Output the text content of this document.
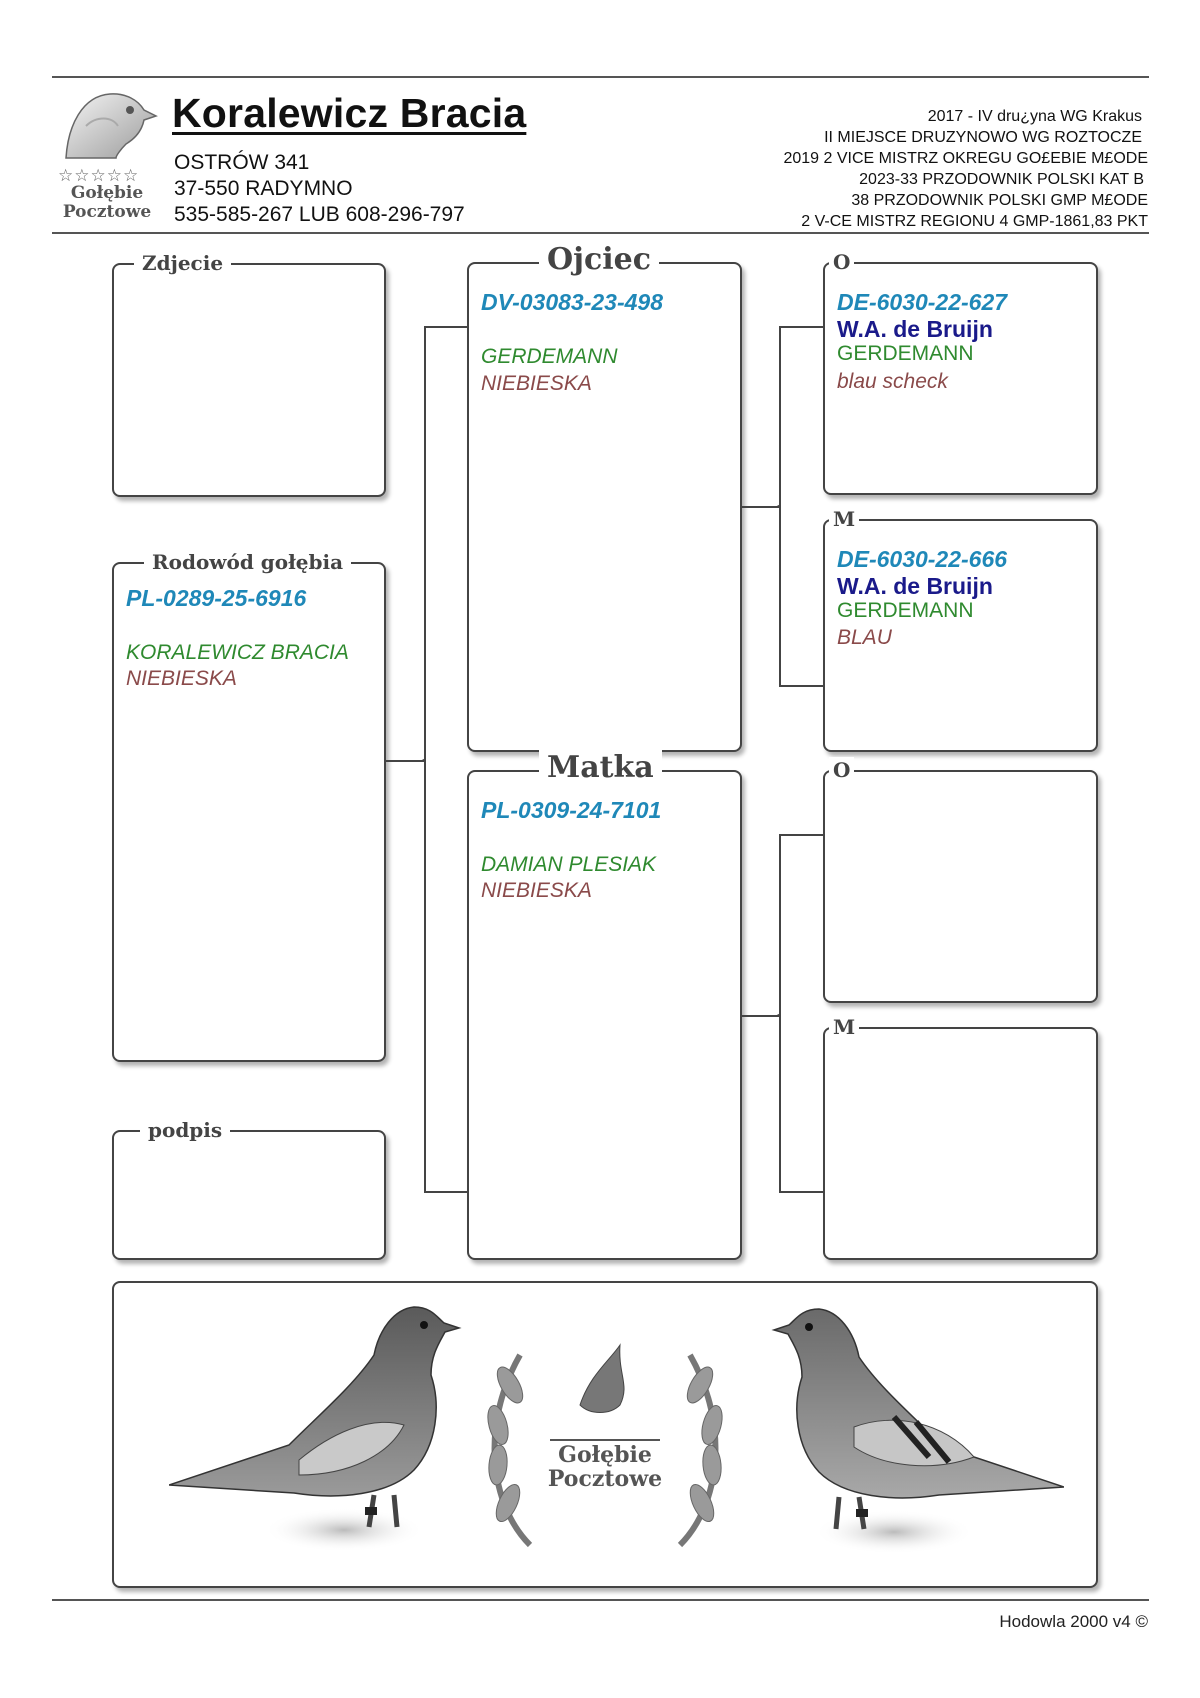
☆☆☆☆☆
Gołębie
Pocztowe
Koralewicz Bracia
OSTRÓW 341
37-550 RADYMNO
535-585-267 LUB 608-296-797
2017 - IV dru¿yna WG Krakus
II MIEJSCE DRUZYNOWO WG ROZTOCZE
2019 2 VICE MISTRZ OKREGU GO£EBIE M£ODE
2023-33 PRZODOWNIK POLSKI KAT B
38 PRZODOWNIK POLSKI GMP M£ODE
2 V-CE MISTRZ REGIONU 4 GMP-1861,83 PKT
Zdjecie
Rodowód gołębia
PL-0289-25-6916
KORALEWICZ BRACIA
NIEBIESKA
podpis
Ojciec
DV-03083-23-498
GERDEMANN
NIEBIESKA
Matka
PL-0309-24-7101
DAMIAN PLESIAK
NIEBIESKA
O
DE-6030-22-627
W.A. de Bruijn
GERDEMANN
blau scheck
M
DE-6030-22-666
W.A. de Bruijn
GERDEMANN
BLAU
O
M
◂
◂
◂
Gołębie
Pocztowe
Hodowla 2000 v4 ©
